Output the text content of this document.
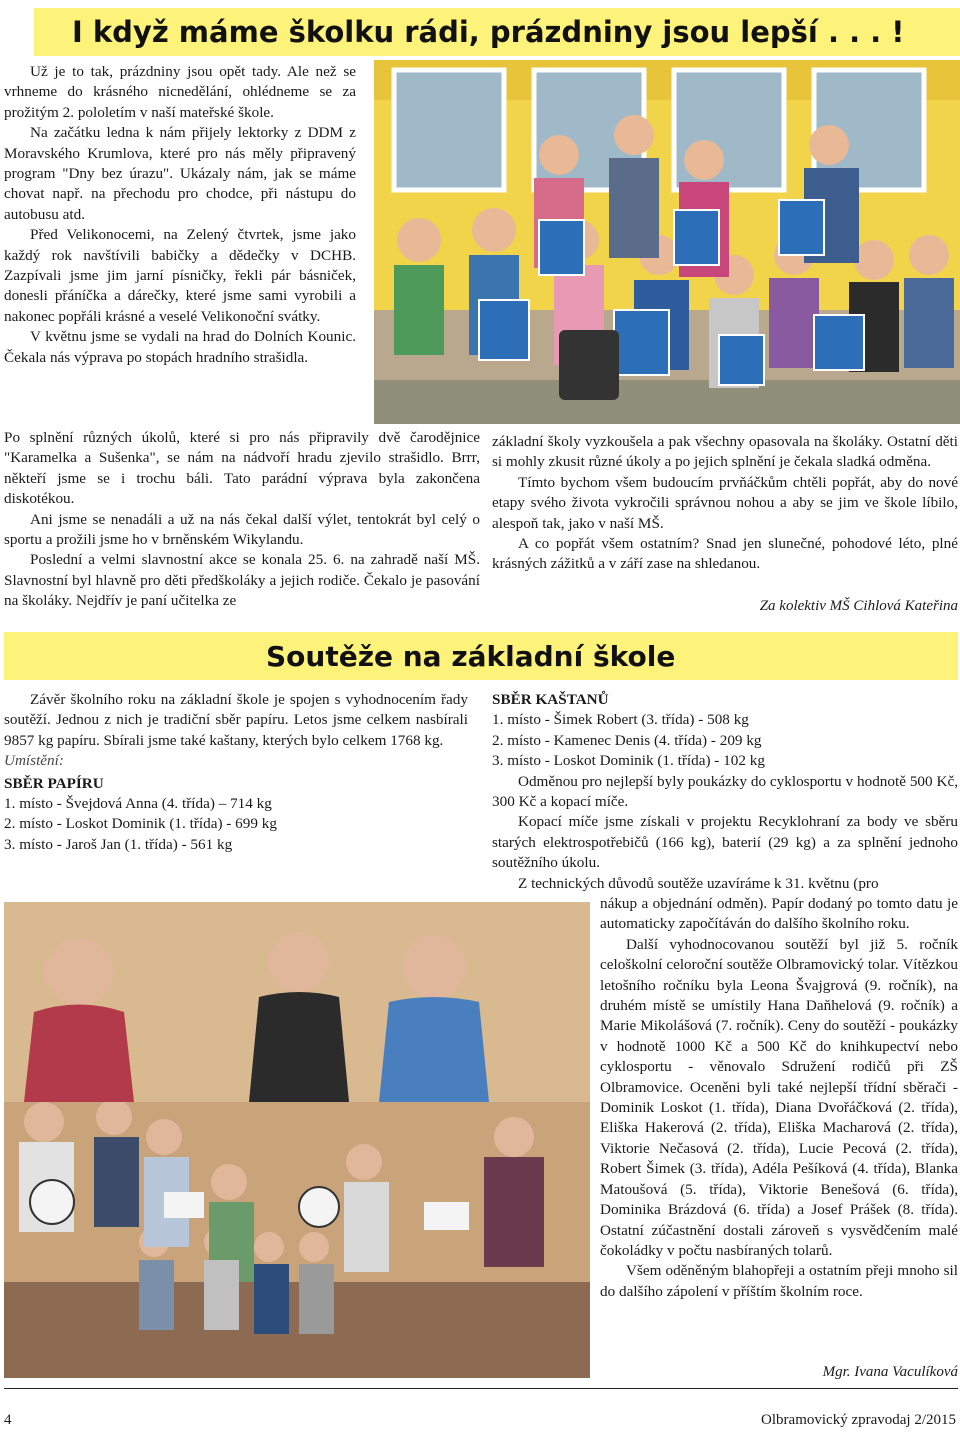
I když máme školku rádi, prázdniny jsou lepší . . . !

Už je to tak, prázdniny jsou opět tady. Ale než se vrhneme do krásného nicnedělání, ohlédneme se za prožitým 2. pololetím v naší mateřské škole.

Na začátku ledna k nám přijely lektorky z DDM z Moravského Krumlova, které pro nás měly připravený program "Dny bez úrazu". Ukázaly nám, jak se máme chovat např. na přechodu pro chodce, při nástupu do autobusu atd.

Před Velikonocemi, na Zelený čtvrtek, jsme jako každý rok navštívili babičky a dědečky v DCHB. Zazpívali jsme jim jarní písničky, řekli pár básniček, donesli přáníčka a dárečky, které jsme sami vyrobili a nakonec popřáli krásné a veselé Velikonoční svátky.

V květnu jsme se vydali na hrad do Dolních Kounic. Čekala nás výprava po stopách hradního strašidla.

Po splnění různých úkolů, které si pro nás připravily dvě čarodějnice "Karamelka a Sušenka", se nám na nádvoří hradu zjevilo strašidlo. Brrr, někteří jsme se i trochu báli. Tato parádní výprava byla zakončena diskotékou.

Ani jsme se nenadáli a už na nás čekal další výlet, tentokrát byl celý o sportu a prožili jsme ho v brněnském Wikylandu.

Poslední a velmi slavnostní akce se konala 25. 6. na zahradě naší MŠ. Slavnostní byl hlavně pro děti předškoláky a jejich rodiče. Čekalo je pasování na školáky. Nejdřív je paní učitelka ze

základní školy vyzkoušela a pak všechny opasovala na školáky. Ostatní děti si mohly zkusit různé úkoly a po jejich splnění je čekala sladká odměna.

Tímto bychom všem budoucím prvňáčkům chtěli popřát, aby do nové etapy svého života vykročili správnou nohou a aby se jim ve škole líbilo, alespoň tak, jako v naší MŠ.

A co popřát všem ostatním? Snad jen slunečné, pohodové léto, plné krásných zážitků a v září zase na shledanou.

Za kolektiv MŠ Cihlová Kateřina
Soutěže na základní škole

Závěr školního roku na základní škole je spojen s vyhodnocením řady soutěží. Jednou z nich je tradiční sběr papíru. Letos jsme celkem nasbírali 9857 kg papíru. Sbírali jsme také kaštany, kterých bylo celkem 1768 kg.

Umístění:

SBĚR PAPÍRU

1. místo - Švejdová Anna (4. třída) – 714 kg

2. místo - Loskot Dominik (1. třída) - 699 kg

3. místo - Jaroš Jan (1. třída) - 561 kg

SBĚR KAŠTANŮ

1. místo - Šimek Robert (3. třída) - 508 kg

2. místo - Kamenec Denis (4. třída) - 209 kg

3. místo - Loskot Dominik (1. třída) - 102 kg

Odměnou pro nejlepší byly poukázky do cyklosportu v hodnotě 500 Kč, 300 Kč a kopací míče.

Kopací míče jsme získali v projektu Recyklohraní za body ve sběru starých elektrospotřebičů (166 kg), baterií (29 kg) a za splnění jednoho soutěžního úkolu.

Z technických důvodů soutěže uzavíráme k 31. květnu (pro

nákup a objednání odměn). Papír dodaný po tomto datu je automaticky započítáván do dalšího školního roku.

Další vyhodnocovanou soutěží byl již 5. ročník celoškolní celoroční soutěže Olbramovický tolar. Vítězkou letošního ročníku byla Leona Švajgrová (9. ročník), na druhém místě se umístily Hana Daňhelová (9. ročník) a Marie Mikolášová (7. ročník). Ceny do soutěží - poukázky v hodnotě 1000 Kč a 500 Kč do knihkupectví nebo cyklosportu - věnovalo Sdružení rodičů při ZŠ Olbramovice. Oceněni byli také nejlepší třídní sběrači - Dominik Loskot (1. třída), Diana Dvořáčková (2. třída), Eliška Hakerová (2. třída), Eliška Macharová (2. třída), Viktorie Nečasová (2. třída), Lucie Pecová (2. třída), Robert Šimek (3. třída), Adéla Pešíková (4. třída), Blanka Matoušová (5. třída), Viktorie Benešová (6. třída), Dominika Brázdová (6. třída) a Josef Prášek (8. třída). Ostatní zúčastnění dostali zároveň s vysvědčením malé čokoládky v počtu nasbíraných tolarů.

Všem oděněným blahopřeji a ostatním přeji mnoho sil do dalšího zápolení v příštím školním roce.

Mgr. Ivana Vaculíková
4	Olbramovický zpravodaj 2/2015
